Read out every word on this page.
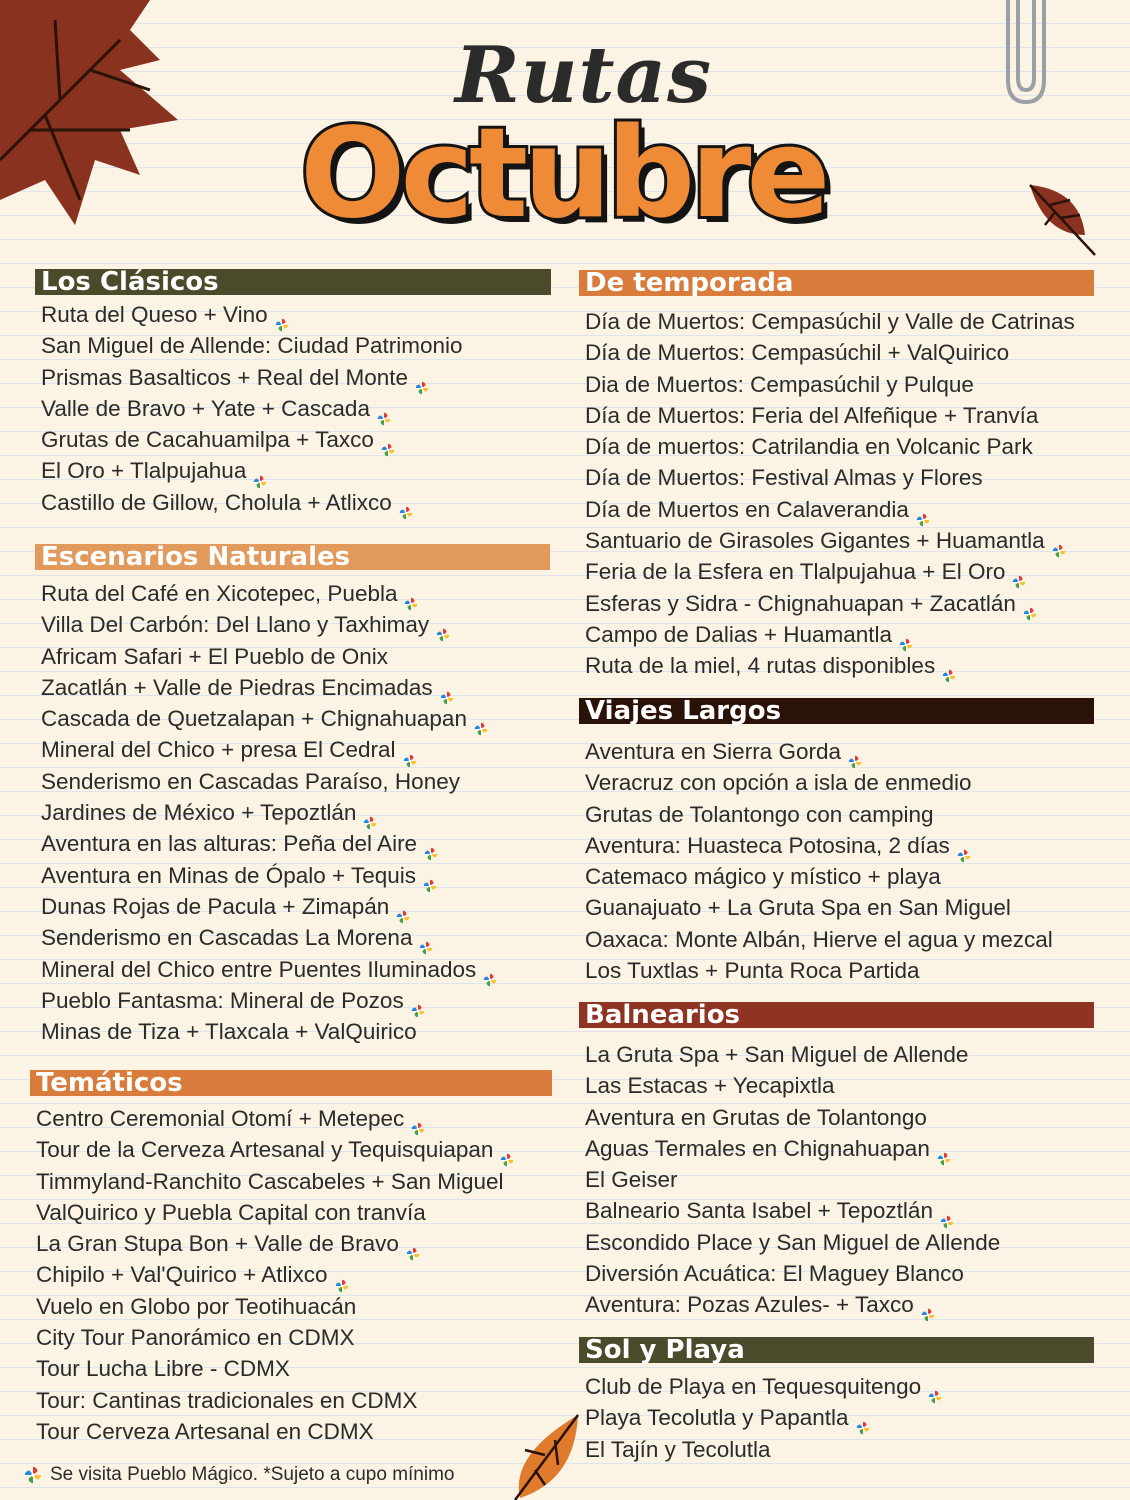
Rutas
Octubre
Los Clásicos
Ruta del Queso + Vino
San Miguel de Allende: Ciudad Patrimonio
Prismas Basalticos + Real del Monte
Valle de Bravo + Yate + Cascada
Grutas de Cacahuamilpa + Taxco
El Oro + Tlalpujahua
Castillo de Gillow, Cholula + Atlixco
Escenarios Naturales
Ruta del Café en Xicotepec, Puebla
Villa Del Carbón: Del Llano y Taxhimay
Africam Safari + El Pueblo de Onix
Zacatlán + Valle de Piedras Encimadas
Cascada de Quetzalapan + Chignahuapan
Mineral del Chico + presa El Cedral
Senderismo en Cascadas Paraíso, Honey
Jardines de México + Tepoztlán
Aventura en las alturas: Peña del Aire
Aventura en Minas de Ópalo + Tequis
Dunas Rojas de Pacula + Zimapán
Senderismo en Cascadas La Morena
Mineral del Chico entre Puentes Iluminados
Pueblo Fantasma: Mineral de Pozos
Minas de Tiza + Tlaxcala + ValQuirico
Temáticos
Centro Ceremonial Otomí + Metepec
Tour de la Cerveza Artesanal y Tequisquiapan
Timmyland-Ranchito Cascabeles + San Miguel
ValQuirico y Puebla Capital con tranvía
La Gran Stupa Bon + Valle de Bravo
Chipilo + Val'Quirico + Atlixco
Vuelo en Globo por Teotihuacán
City Tour Panorámico en CDMX
Tour Lucha Libre - CDMX
Tour: Cantinas tradicionales en CDMX
Tour Cerveza Artesanal en CDMX
De temporada
Día de Muertos: Cempasúchil y Valle de Catrinas
Día de Muertos: Cempasúchil + ValQuirico
Dia de Muertos: Cempasúchil y Pulque
Día de Muertos: Feria del Alfeñique + Tranvía
Día de muertos: Catrilandia en Volcanic Park
Día de Muertos: Festival Almas y Flores
Día de Muertos en Calaverandia
Santuario de Girasoles Gigantes + Huamantla
Feria de la Esfera en Tlalpujahua + El Oro
Esferas y Sidra - Chignahuapan + Zacatlán
Campo de Dalias + Huamantla
Ruta de la miel, 4 rutas disponibles
Viajes Largos
Aventura en Sierra Gorda
Veracruz con opción a isla de enmedio
Grutas de Tolantongo con camping
Aventura: Huasteca Potosina, 2 días
Catemaco mágico y místico + playa
Guanajuato + La Gruta Spa en San Miguel
Oaxaca: Monte Albán, Hierve el agua y mezcal
Los Tuxtlas + Punta Roca Partida
Balnearios
La Gruta Spa + San Miguel de Allende
Las Estacas + Yecapixtla
Aventura en Grutas de Tolantongo
Aguas Termales en Chignahuapan
El Geiser
Balneario Santa Isabel + Tepoztlán
Escondido Place y San Miguel de Allende
Diversión Acuática: El Maguey Blanco
Aventura: Pozas Azules- + Taxco
Sol y Playa
Club de Playa en Tequesquitengo
Playa Tecolutla y Papantla
El Tajín y Tecolutla
Se visita Pueblo Mágico. *Sujeto a cupo mínimo
